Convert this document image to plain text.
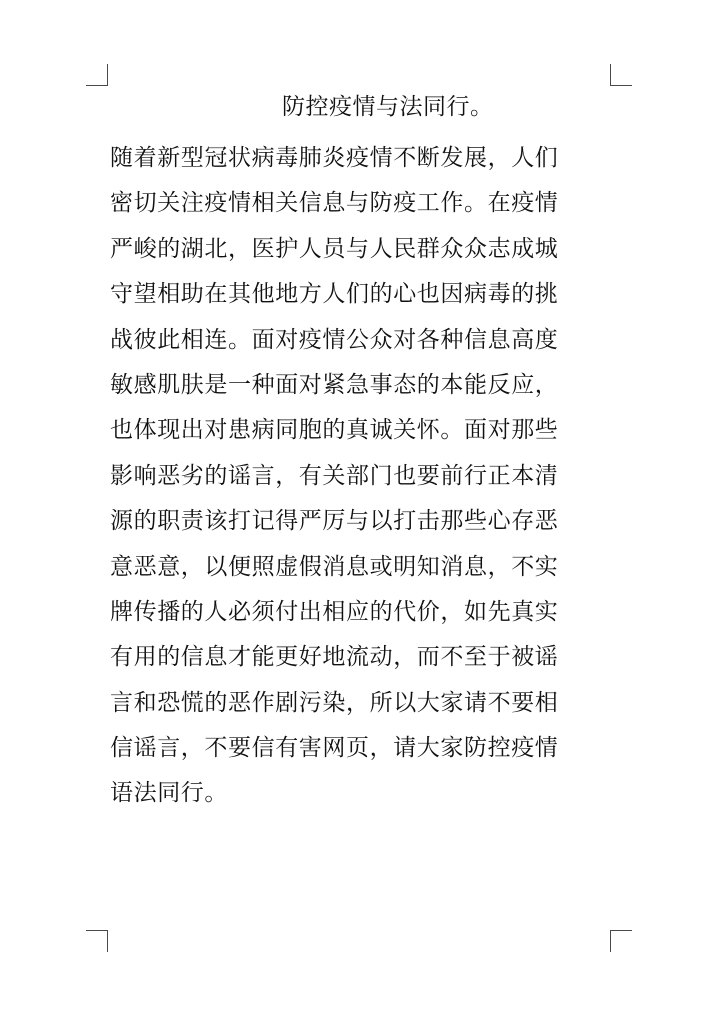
防控疫情与法同行。
随着新型冠状病毒肺炎疫情不断发展，人们
密切关注疫情相关信息与防疫工作。在疫情
严峻的湖北，医护人员与人民群众众志成城
守望相助在其他地方人们的心也因病毒的挑
战彼此相连。面对疫情公众对各种信息高度
敏感肌肤是一种面对紧急事态的本能反应，
也体现出对患病同胞的真诚关怀。面对那些
影响恶劣的谣言，有关部门也要前行正本清
源的职责该打记得严厉与以打击那些心存恶
意恶意，以便照虚假消息或明知消息，不实
牌传播的人必须付出相应的代价，如先真实
有用的信息才能更好地流动，而不至于被谣
言和恐慌的恶作剧污染，所以大家请不要相
信谣言，不要信有害网页，请大家防控疫情
语法同行。
